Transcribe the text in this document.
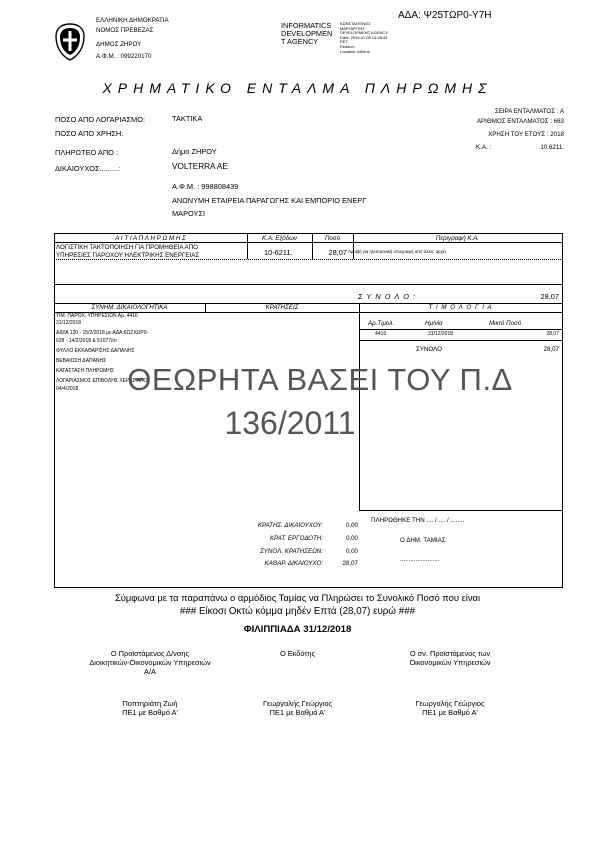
ΑΔΑ: Ψ25ΤΩΡ0-Υ7Η
ΕΛΛΗΝΙΚΗ ΔΗΜΟΚΡΑΤΙΑ
ΝΟΜΟΣ ΠΡΕΒΕΖΑΣ
ΔΗΜΟΣ ΖΗΡΟΥ
Α.Φ.Μ. : 099220170
INFORMATICS
DEVELOPMEN
T AGENCY
ΚΩΝΣΤΑΝΤΙΝΟΣ
ΜΑΡΓΑΡΙΤΗΣ
DEVELOPMENT AGENCY
Date: 2019.01.08 13:28:45
EET
Reason:
Location: Athens
ΧΡΗΜΑΤΙΚΟ ΕΝΤΑΛΜΑ ΠΛΗΡΩΜΗΣ
ΠΟΣΟ ΑΠΟ ΛΟΓΑΡΙΑΣΜΟ:	ΤΑΚΤΙΚΑ
ΠΟΣΟ ΑΠΟ ΧΡΗΣΗ:
ΠΛΗΡΩΤΕΟ ΑΠΟ :	Δήμο ΖΗΡΟΥ
ΔΙΚΑΙΟΥΧΟΣ.........:	VOLTERRA AE
Α.Φ.Μ. : 998808439
ΑΝΩΝΥΜΗ ΕΤΑΙΡΕΙΑ ΠΑΡΑΓΩΓΗΣ ΚΑΙ ΕΜΠΟΡΙΟ ΕΝΕΡΓ
ΜΑΡΟΥΣΙ
ΣΕΙΡΑ ΕΝΤΑΛΜΑΤΟΣ : Α
ΑΡΙΘΜΟΣ ΕΝΤΑΛΜΑΤΟΣ : 663
ΧΡΗΣΗ ΤΟΥ ΕΤΟΥΣ : 2018
Κ.Α. :	10.6211.
Α Ι Τ Ι Α Π Λ Η Ρ Ω Μ Η Σ	Κ.Α. Εξόδων	Ποσό	Περιγραφή Κ.Α.
ΛΟΓΙΣΤΙΚΗ ΤΑΚΤΟΠΟΙΗΣΗ ΓΙΑ ΠΡΟΜΗΘΕΙΑ ΑΠΟ
ΥΠΗΡΕΣΙΕΣ ΠΑΡΟΧΟΥ ΗΛΕΚΤΡΙΚΗΣ ΕΝΕΡΓΕΙΑΣ	10-6211.	28,07 Αμοιβή για ηλεκτρονική υπογραφή από άλλες αρχές
Σ Υ Ν Ο Λ Ο :	28,07
ΣΥΝΗΜ. ΔΙΚΑΙΟΛΟΓΗΤΙΚΑ	ΚΡΑΤΗΣΕΙΣ	Τ Ι Μ Ο Λ Ο Γ Ι Α
ΤΙΜ. ΠΑΡΟΧ. ΥΠΗΡΕΣΙΩΝ Αρ. 4416
31/12/2018
ΑΔΥΑ 120 - 15/2/2018 με ΑΔΑ:6ΩΖΧΩΡ0-
628 - 14/2/2018 & 51077/σι
ΦΥΛΛΟ ΕΚΚΑΘΑΡΙΣΗΣ ΔΑΠΑΝΗΣ
ΒΕΒΑΙΩΣΗ ΔΑΠΑΝΗΣ
ΚΑΤΑΣΤΑΣΗ ΠΛΗΡΩΜΗΣ
ΛΟΓΑΡΙΑΣΜΟΣ ΕΠΙΒΟΛΗΣ ΧΕΡΑΣ ΑΠΟ
04/4/2018
Αρ.Τιμολ.	Ημ/νία	Μικτό Ποσό
4416	31/12/2018	28,07
ΣΥΝΟΛΟ	28,07
ΘΕΩΡΗΤΑ ΒΑΣΕΙ ΤΟΥ Π.Δ
136/2011
ΚΡΑΤΗΣ. ΔΙΚΑΙΟΥΧΟΥ:	0,00
ΚΡΑΤ. ΕΡΓΟΔΟΤΗ:	0,00
ΣΥΝΟΛ. ΚΡΑΤΗΣΕΩΝ:	0,00
ΚΑΘΑΡ. ΔΙΚΑΙΟΥΧΟ:	28,07
ΠΛΗΡΩΘΗΚΕ ΤΗΝ .... / .... / ........
Ο ΔΗΜ. ΤΑΜΙΑΣ
.......................
Σύμφωνα με τα παραπάνω ο αρμόδιος Ταμίας να Πληρώσει το Συνολικό Ποσό που είναι
### Είκοσι Οκτώ κόμμα μηδέν Επτά (28,07) ευρώ ###
ΦΙΛΙΠΠΙΑΔΑ 31/12/2018
Ο Προϊστάμενος Δ/νσης
Διοικητικών-Οικονομικών Υπηρεσιών
Α/Α
Ο Εκδότης	Ο σν. Προϊστάμενος των
Οικονομικών Υπηρεσιών
Ποπτηριάτη Ζωή
ΠΕ1 με Βαθμό Α'
Γεωργαλής Γεώργιος
ΠΕ1 με Βαθμό Α'
Γεωργαλής Γεώργιος
ΠΕ1 με Βαθμό Α'
